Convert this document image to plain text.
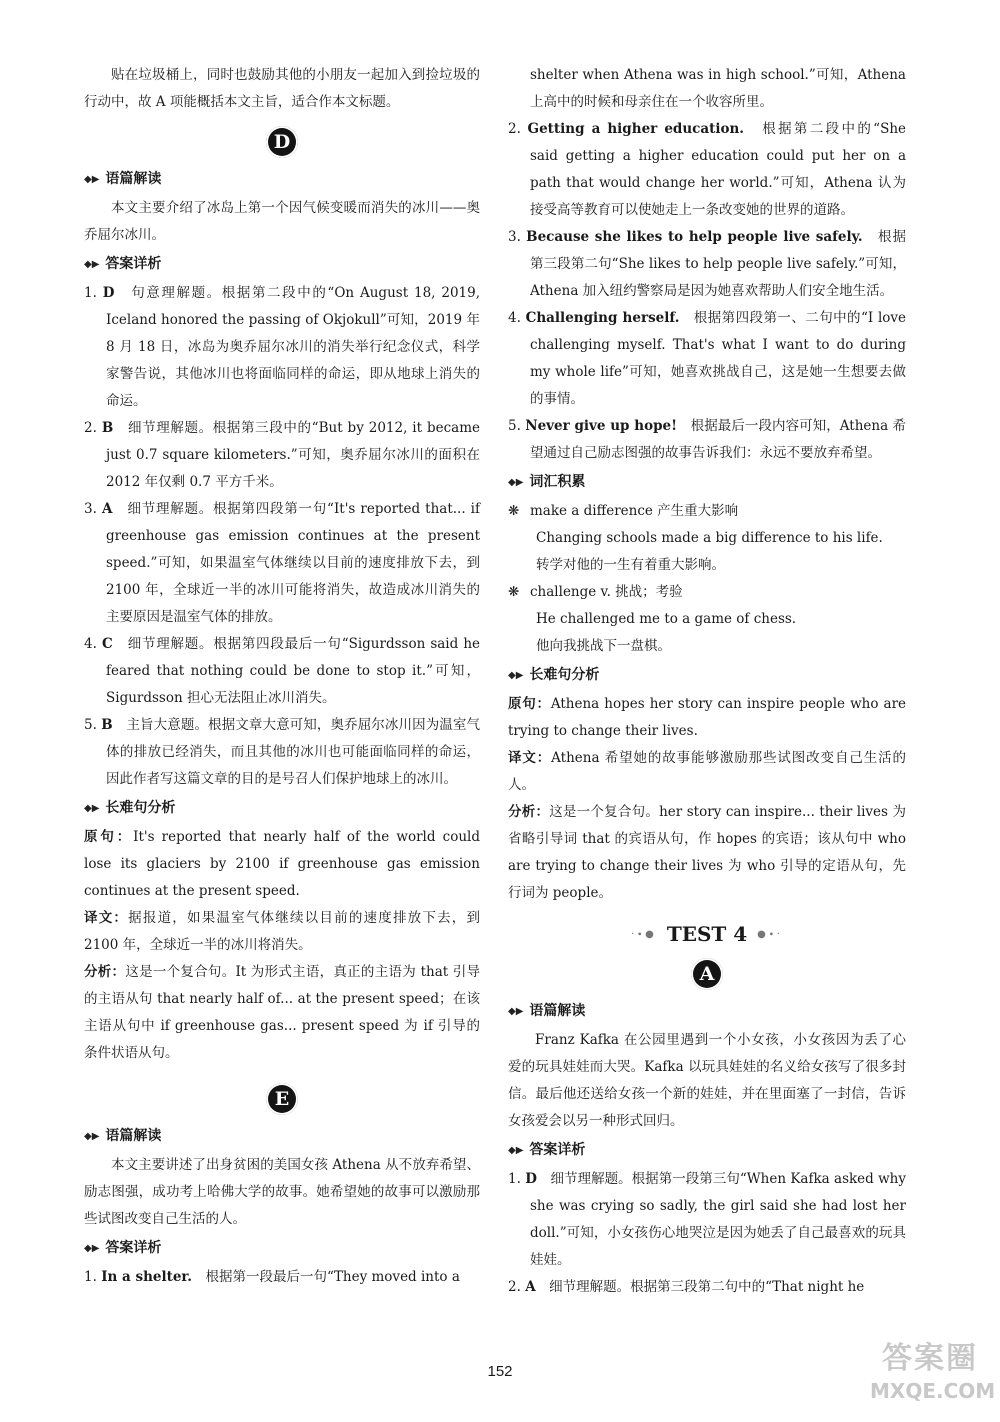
贴在垃圾桶上，同时也鼓励其他的小朋友一起加入到捡垃圾的行动中，故 A 项能概括本文主旨，适合作本文标题。

D
◆▶ 语篇解读

本文主要介绍了冰岛上第一个因气候变暖而消失的冰川——奥乔屈尔冰川。

◆▶ 答案详析

1. D　 句意理解题。根据第二段中的“On August 18, 2019, Iceland honored the passing of Okjokull”可知，2019 年 8 月 18 日，冰岛为奥乔屈尔冰川的消失举行纪念仪式，科学家警告说，其他冰川也将面临同样的命运，即从地球上消失的命运。

2. B　 细节理解题。根据第三段中的“But by 2012, it became just 0.7 square kilometers.”可知，奥乔屈尔冰川的面积在 2012 年仅剩 0.7 平方千米。

3. A　 细节理解题。根据第四段第一句“It's reported that... if greenhouse gas emission continues at the present speed.”可知，如果温室气体继续以目前的速度排放下去，到 2100 年，全球近一半的冰川可能将消失，故造成冰川消失的主要原因是温室气体的排放。

4. C　 细节理解题。根据第四段最后一句“Sigurdsson said he feared that nothing could be done to stop it.”可知，Sigurdsson 担心无法阻止冰川消失。

5. B　 主旨大意题。根据文章大意可知，奥乔屈尔冰川因为温室气体的排放已经消失，而且其他的冰川也可能面临同样的命运，因此作者写这篇文章的目的是号召人们保护地球上的冰川。

◆▶ 长难句分析

原句：It's reported that nearly half of the world could lose its glaciers by 2100 if greenhouse gas emission continues at the present speed.

译文：据报道，如果温室气体继续以目前的速度排放下去，到 2100 年，全球近一半的冰川将消失。

分析：这是一个复合句。It 为形式主语，真正的主语为 that 引导的主语从句 that nearly half of... at the present speed；在该主语从句中 if greenhouse gas... present speed 为 if 引导的条件状语从句。

E
◆▶ 语篇解读

本文主要讲述了出身贫困的美国女孩 Athena 从不放弃希望、励志图强，成功考上哈佛大学的故事。她希望她的故事可以激励那些试图改变自己生活的人。

◆▶ 答案详析

1. In a shelter.　 根据第一段最后一句“They moved into a

shelter when Athena was in high school.”可知，Athena 上高中的时候和母亲住在一个收容所里。

2. Getting a higher education.　 根据第二段中的“She said getting a higher education could put her on a path that would change her world.”可知，Athena 认为接受高等教育可以使她走上一条改变她的世界的道路。

3. Because she likes to help people live safely.　 根据第三段第二句“She likes to help people live safely.”可知，Athena 加入纽约警察局是因为她喜欢帮助人们安全地生活。

4. Challenging herself.　 根据第四段第一、二句中的“I love challenging myself. That's what I want to do during my whole life”可知，她喜欢挑战自己，这是她一生想要去做的事情。

5. Never give up hope!　 根据最后一段内容可知，Athena 希望通过自己励志图强的故事告诉我们：永远不要放弃希望。

◆▶ 词汇积累
❋ make a difference 产生重大影响

Changing schools made a big difference to his life.

转学对他的一生有着重大影响。

❋ challenge v. 挑战；考验

He challenged me to a game of chess.

他向我挑战下一盘棋。

◆▶ 长难句分析

原句：Athena hopes her story can inspire people who are trying to change their lives.

译文：Athena 希望她的故事能够激励那些试图改变自己生活的人。

分析：这是一个复合句。her story can inspire... their lives 为省略引导词 that 的宾语从句，作 hopes 的宾语；该从句中 who are trying to change their lives 为 who 引导的定语从句，先行词为 people。

·∙● TEST 4 ●∙·
A
◆▶ 语篇解读

Franz Kafka 在公园里遇到一个小女孩，小女孩因为丢了心爱的玩具娃娃而大哭。Kafka 以玩具娃娃的名义给女孩写了很多封信。最后他还送给女孩一个新的娃娃，并在里面塞了一封信，告诉女孩爱会以另一种形式回归。

◆▶ 答案详析

1. D　 细节理解题。根据第一段第三句“When Kafka asked why she was crying so sadly, the girl said she had lost her doll.”可知，小女孩伤心地哭泣是因为她丢了自己最喜欢的玩具娃娃。

2. A　 细节理解题。根据第三段第二句中的“That night he

152	答案圈
MXQE.COM
